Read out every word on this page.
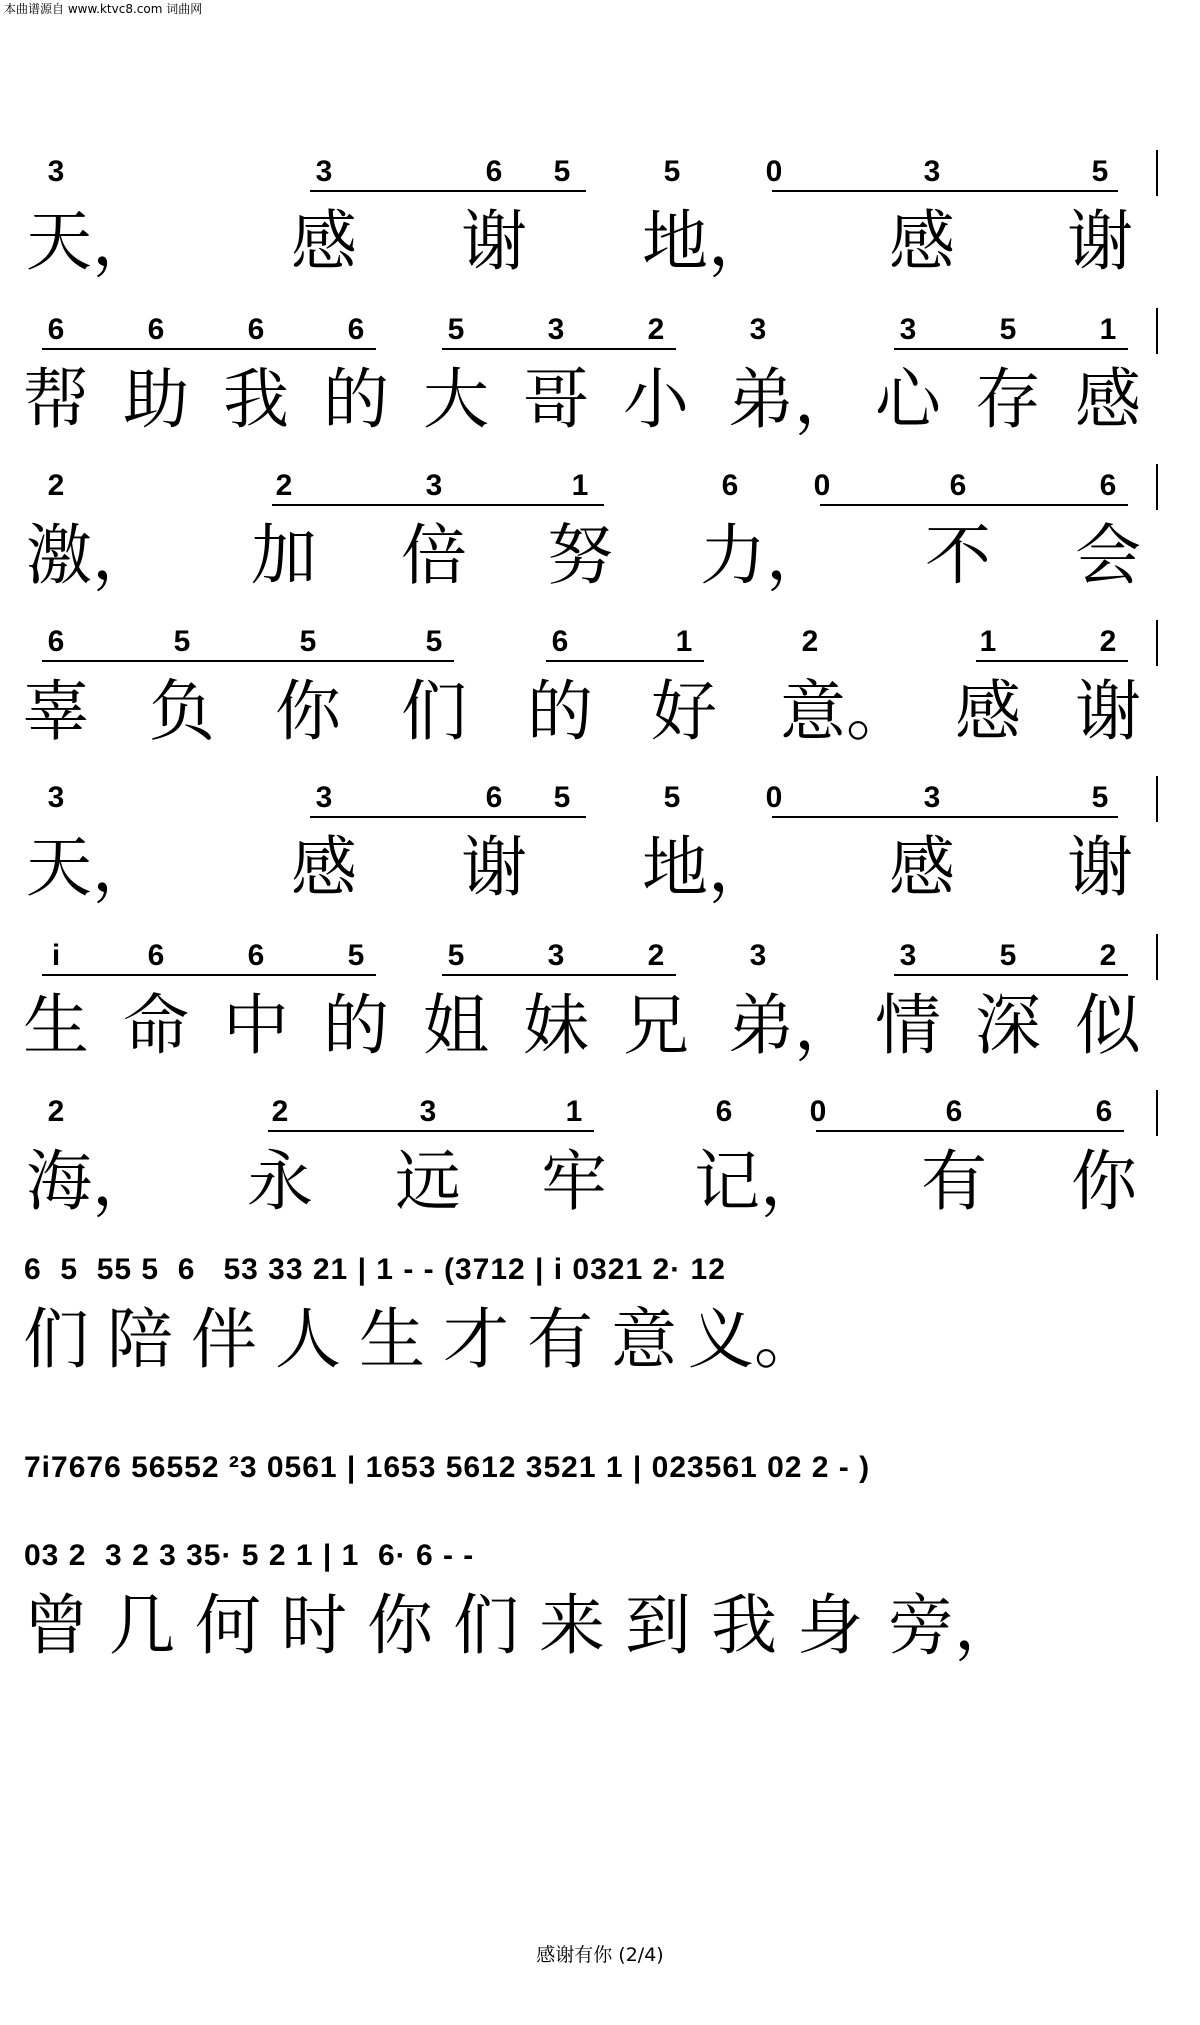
本曲谱源自 www.ktvc8.com 词曲网
3	3	6	5	5	0	3	5
天， 感 谢 地， 感 谢
6	6	6	6	5	3	2	3	3	5	1
帮 助 我 的 大 哥 小 弟， 心 存 感
2	2	3	1	6	0	6	6
激， 加 倍 努 力， 不 会
6	5	5	5	6	1	2	1	2
辜 负 你 们 的 好 意。 感 谢
3	3	6	5	5	0	3	5
天， 感 谢 地， 感 谢
i	6	6	5	5	3	2	3	3	5	2
生 命 中 的 姐 妹 兄 弟， 情 深 似
2	2	3	1	6	0	6	6
海， 永 远 牢 记， 有 你
6  5  55 5  6   53 33 21 | 1 - - (3712 | i 0321 2· 12
们 陪 伴 人 生 才 有 意 义。
7i7676 56552 ²3 0561 | 1653 5612 3521 1 | 023561 02 2 - )
03 2  3 2 3 35· 5 2 1 | 1  6· 6 - -
曾 几 何 时 你 们 来 到 我 身 旁，
感谢有你 (2/4)
